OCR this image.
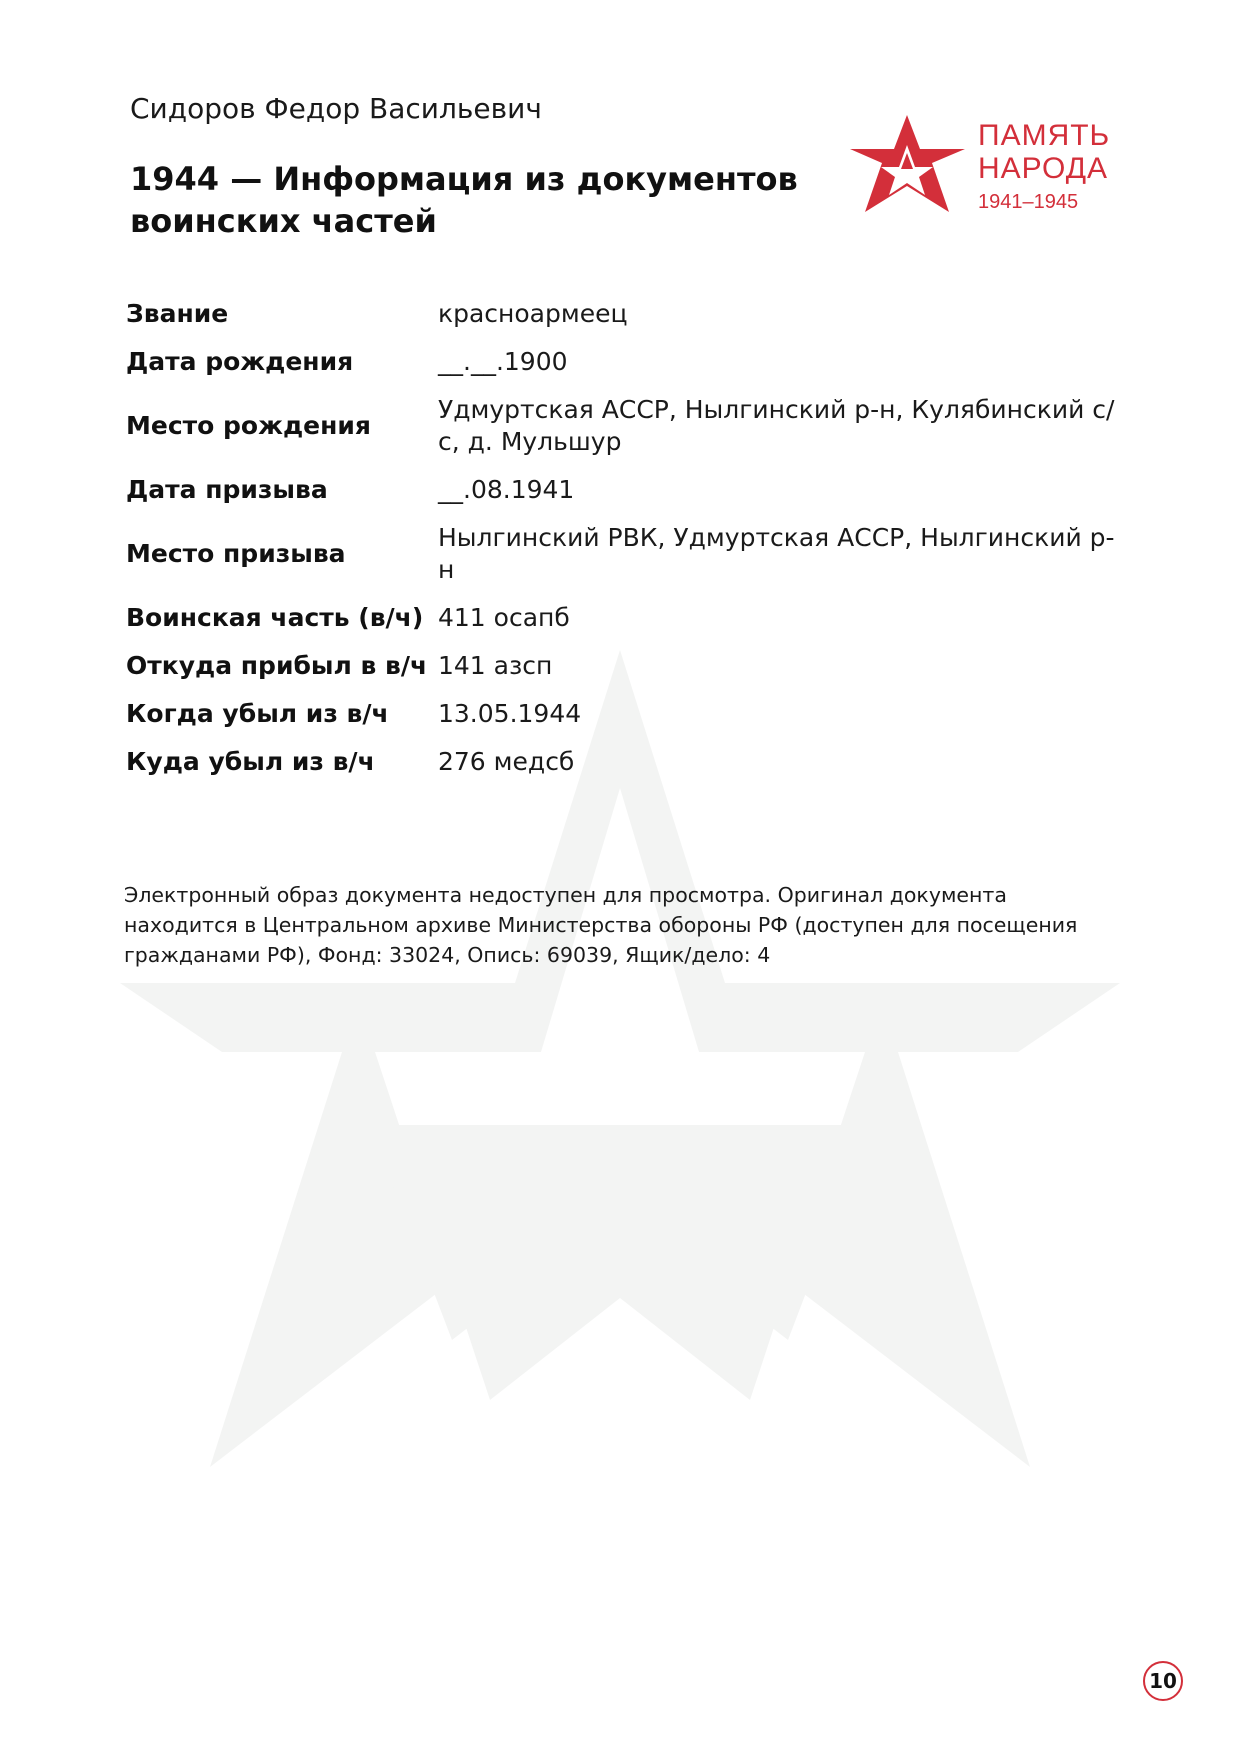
Сидоров Федор Васильевич
1944 — Информация из документов воинских частей
ПАМЯТЬ
НАРОДА
1941–1945
Звание	красноармеец
Дата рождения	__.__.1900
Место рождения	Удмуртская АССР, Нылгинский р-н, Кулябинский с/с, д. Мульшур
Дата призыва	__.08.1941
Место призыва	Нылгинский РВК, Удмуртская АССР, Нылгинский р-н
Воинская часть (в/ч)	411 осапб
Откуда прибыл в в/ч	141 азсп
Когда убыл из в/ч	13.05.1944
Куда убыл из в/ч	276 медсб
Электронный образ документа недоступен для просмотра. Оригинал документа находится в Центральном архиве Министерства обороны РФ (доступен для посещения гражданами РФ), Фонд: 33024, Опись: 69039, Ящик/дело: 4
10
